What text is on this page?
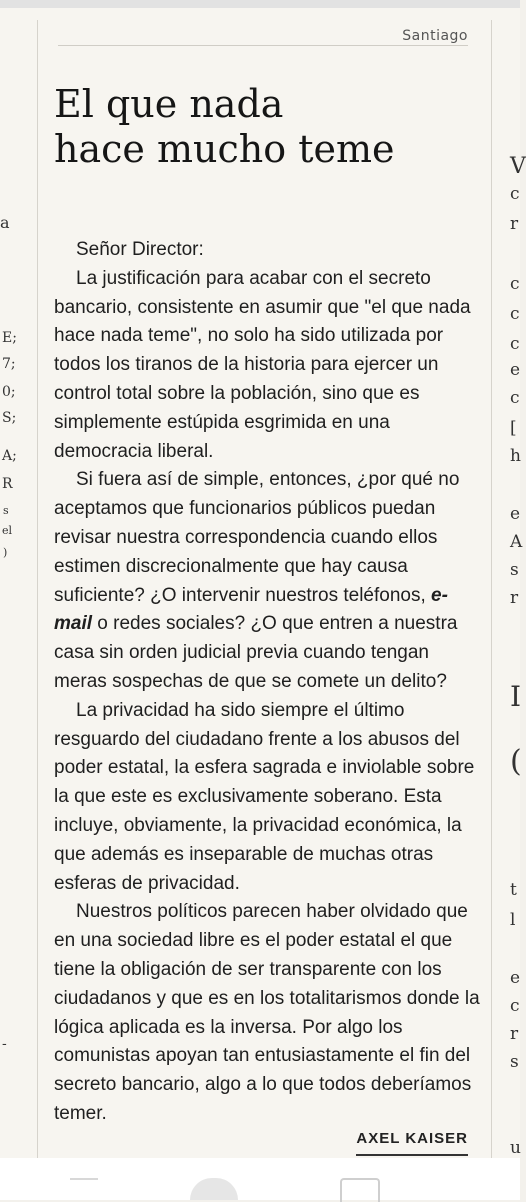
a
E;
7;
0;
S;
A;
R
s
el
)
-
V
c
r
c
c
c
e
c
[
h
e
A
s
r
I
(
t
l
e
c
r
s
u
Santiago
El que nada
hace mucho teme

Señor Director:

La justificación para acabar con el secreto bancario, consistente en asumir que "el que nada hace nada teme", no solo ha sido utilizada por todos los tiranos de la historia para ejercer un control total sobre la población, sino que es simplemente estúpida esgrimida en una democracia liberal.

Si fuera así de simple, entonces, ¿por qué no aceptamos que funcionarios públicos puedan revisar nuestra correspondencia cuando ellos estimen discrecionalmente que hay causa suficiente? ¿O intervenir nuestros teléfonos, e-mail o redes sociales? ¿O que entren a nuestra casa sin orden judicial previa cuando tengan meras sospechas de que se comete un delito?

La privacidad ha sido siempre el último resguardo del ciudadano frente a los abusos del poder estatal, la esfera sagrada e inviolable sobre la que este es exclusivamente soberano. Esta incluye, obviamente, la privacidad económica, la que además es inseparable de muchas otras esferas de privacidad.

Nuestros políticos parecen haber olvidado que en una sociedad libre es el poder estatal el que tiene la obligación de ser transparente con los ciudadanos y que es en los totalitarismos donde la lógica aplicada es la inversa. Por algo los comunistas apoyan tan entusiastamente el fin del secreto bancario, algo a lo que todos deberíamos temer.

AXEL KAISER
